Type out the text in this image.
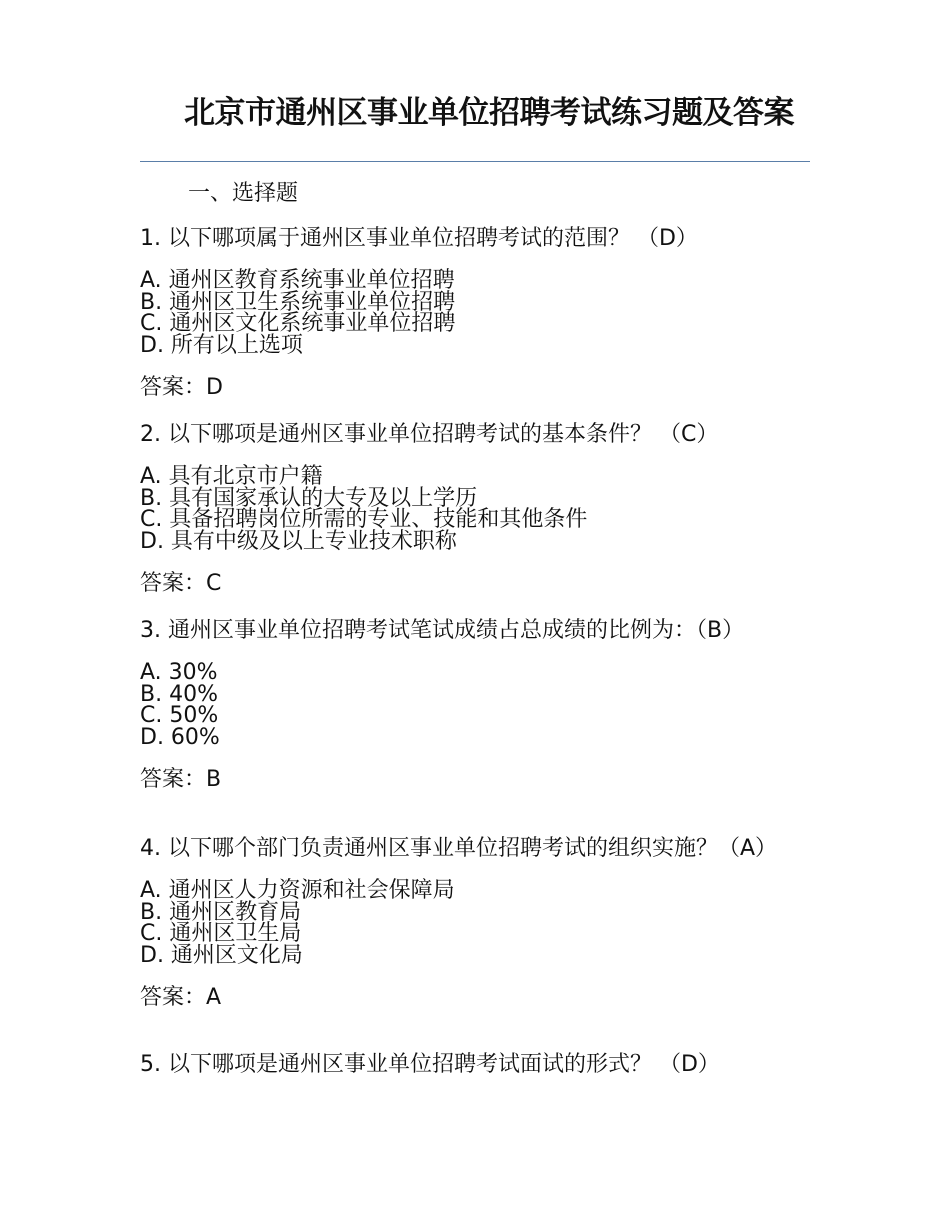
北京市通州区事业单位招聘考试练习题及答案
一、选择题

1. 以下哪项属于通州区事业单位招聘考试的范围？ （D）

A. 通州区教育系统事业单位招聘
B. 通州区卫生系统事业单位招聘
C. 通州区文化系统事业单位招聘
D. 所有以上选项
答案：D

2. 以下哪项是通州区事业单位招聘考试的基本条件？ （C）

A. 具有北京市户籍
B. 具有国家承认的大专及以上学历
C. 具备招聘岗位所需的专业、技能和其他条件
D. 具有中级及以上专业技术职称
答案：C

3. 通州区事业单位招聘考试笔试成绩占总成绩的比例为：（B）

A. 30%
B. 40%
C. 50%
D. 60%
答案：B

4. 以下哪个部门负责通州区事业单位招聘考试的组织实施？（A）

A. 通州区人力资源和社会保障局
B. 通州区教育局
C. 通州区卫生局
D. 通州区文化局
答案：A

5. 以下哪项是通州区事业单位招聘考试面试的形式？ （D）
